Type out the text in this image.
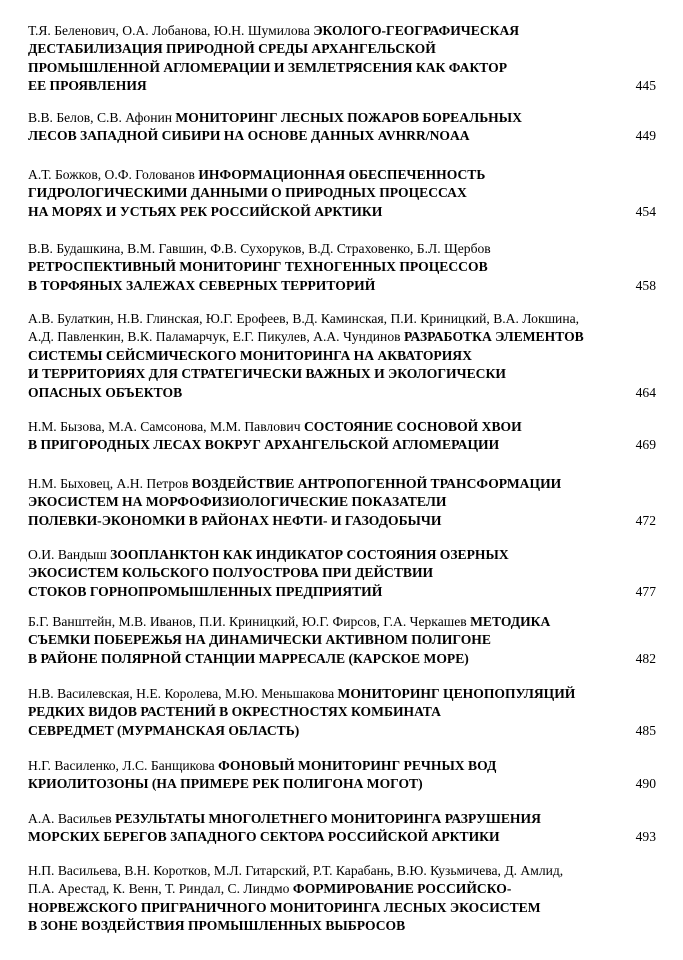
Т.Я. Беленович, О.А. Лобанова, Ю.Н. Шумилова ЭКОЛОГО-ГЕОГРАФИЧЕСКАЯ
ДЕСТАБИЛИЗАЦИЯ ПРИРОДНОЙ СРЕДЫ АРХАНГЕЛЬСКОЙ
ПРОМЫШЛЕННОЙ АГЛОМЕРАЦИИ И ЗЕМЛЕТРЯСЕНИЯ КАК ФАКТОР
ЕЕ ПРОЯВЛЕНИЯ	445
В.В. Белов, С.В. Афонин МОНИТОРИНГ ЛЕСНЫХ ПОЖАРОВ БОРЕАЛЬНЫХ
ЛЕСОВ ЗАПАДНОЙ СИБИРИ НА ОСНОВЕ ДАННЫХ AVHRR/NOAA	449
А.Т. Божков, О.Ф. Голованов ИНФОРМАЦИОННАЯ ОБЕСПЕЧЕННОСТЬ
ГИДРОЛОГИЧЕСКИМИ ДАННЫМИ О ПРИРОДНЫХ ПРОЦЕССАХ
НА МОРЯХ И УСТЬЯХ РЕК РОССИЙСКОЙ АРКТИКИ	454
В.В. Будашкина, В.М. Гавшин, Ф.В. Сухоруков, В.Д. Страховенко, Б.Л. Щербов
РЕТРОСПЕКТИВНЫЙ МОНИТОРИНГ ТЕХНОГЕННЫХ ПРОЦЕССОВ
В ТОРФЯНЫХ ЗАЛЕЖАХ СЕВЕРНЫХ ТЕРРИТОРИЙ	458
А.В. Булаткин, Н.В. Глинская, Ю.Г. Ерофеев, В.Д. Каминская, П.И. Криницкий, В.А. Локшина,
А.Д. Павленкин, В.К. Паламарчук, Е.Г. Пикулев, А.А. Чундинов РАЗРАБОТКА ЭЛЕМЕНТОВ
СИСТЕМЫ СЕЙСМИЧЕСКОГО МОНИТОРИНГА НА АКВАТОРИЯХ
И ТЕРРИТОРИЯХ ДЛЯ СТРАТЕГИЧЕСКИ ВАЖНЫХ И ЭКОЛОГИЧЕСКИ
ОПАСНЫХ ОБЪЕКТОВ	464
Н.М. Бызова, М.А. Самсонова, М.М. Павлович СОСТОЯНИЕ СОСНОВОЙ ХВОИ
В ПРИГОРОДНЫХ ЛЕСАХ ВОКРУГ АРХАНГЕЛЬСКОЙ АГЛОМЕРАЦИИ	469
Н.М. Быховец, А.Н. Петров ВОЗДЕЙСТВИЕ АНТРОПОГЕННОЙ ТРАНСФОРМАЦИИ
ЭКОСИСТЕМ НА МОРФОФИЗИОЛОГИЧЕСКИЕ ПОКАЗАТЕЛИ
ПОЛЕВКИ-ЭКОНОМКИ В РАЙОНАХ НЕФТИ- И ГАЗОДОБЫЧИ	472
О.И. Вандыш ЗООПЛАНКТОН КАК ИНДИКАТОР СОСТОЯНИЯ ОЗЕРНЫХ
ЭКОСИСТЕМ КОЛЬСКОГО ПОЛУОСТРОВА ПРИ ДЕЙСТВИИ
СТОКОВ ГОРНОПРОМЫШЛЕННЫХ ПРЕДПРИЯТИЙ	477
Б.Г. Ванштейн, М.В. Иванов, П.И. Криницкий, Ю.Г. Фирсов, Г.А. Черкашев МЕТОДИКА
СЪЕМКИ ПОБЕРЕЖЬЯ НА ДИНАМИЧЕСКИ АКТИВНОМ ПОЛИГОНЕ
В РАЙОНЕ ПОЛЯРНОЙ СТАНЦИИ МАРРЕСАЛЕ (КАРСКОЕ МОРЕ)	482
Н.В. Василевская, Н.Е. Королева, М.Ю. Меньшакова МОНИТОРИНГ ЦЕНОПОПУЛЯЦИЙ
РЕДКИХ ВИДОВ РАСТЕНИЙ В ОКРЕСТНОСТЯХ КОМБИНАТА
СЕВРЕДМЕТ (МУРМАНСКАЯ ОБЛАСТЬ)	485
Н.Г. Василенко, Л.С. Банщикова ФОНОВЫЙ МОНИТОРИНГ РЕЧНЫХ ВОД
КРИОЛИТОЗОНЫ (НА ПРИМЕРЕ РЕК ПОЛИГОНА МОГОТ)	490
А.А. Васильев РЕЗУЛЬТАТЫ МНОГОЛЕТНЕГО МОНИТОРИНГА РАЗРУШЕНИЯ
МОРСКИХ БЕРЕГОВ ЗАПАДНОГО СЕКТОРА РОССИЙСКОЙ АРКТИКИ	493
Н.П. Васильева, В.Н. Коротков, М.Л. Гитарский, Р.Т. Карабань, В.Ю. Кузьмичева, Д. Амлид,
П.А. Арестад, К. Венн, Т. Риндал, С. Линдмо ФОРМИРОВАНИЕ РОССИЙСКО-
НОРВЕЖСКОГО ПРИГРАНИЧНОГО МОНИТОРИНГА ЛЕСНЫХ ЭКОСИСТЕМ
В ЗОНЕ ВОЗДЕЙСТВИЯ ПРОМЫШЛЕННЫХ ВЫБРОСОВ
